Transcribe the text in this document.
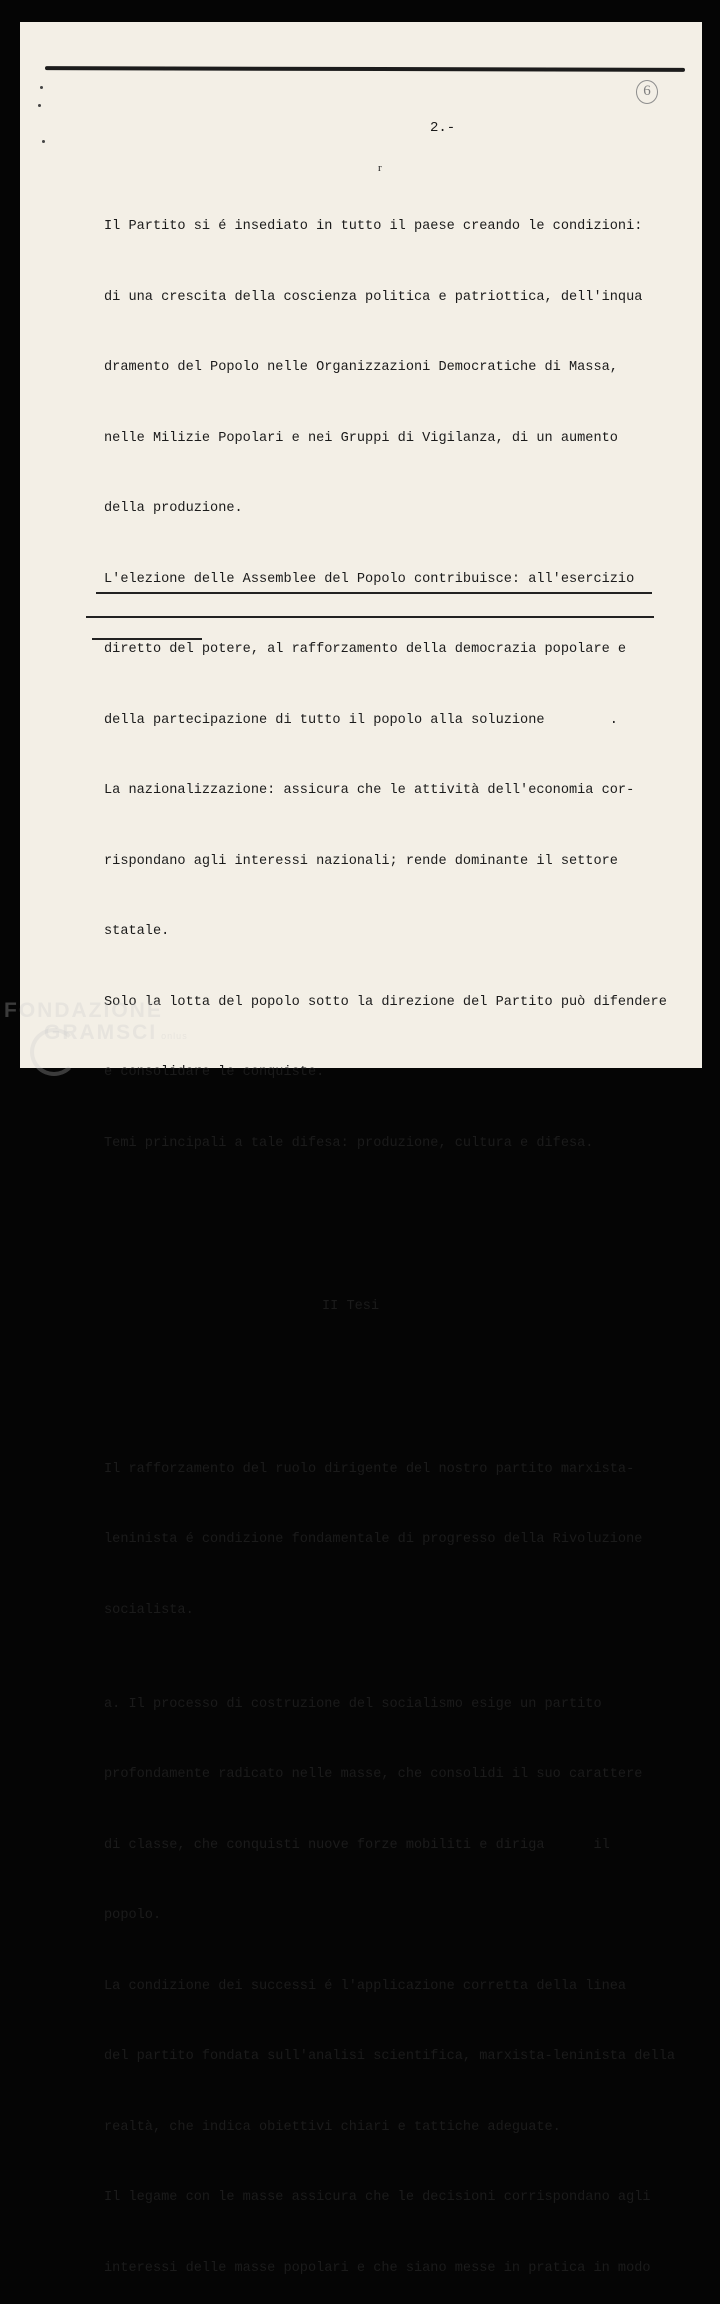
6
2.-
r

Il Partito si é insediato in tutto il paese creando le condizioni:

di una crescita della coscienza politica e patriottica, dell'inqua

dramento del Popolo nelle Organizzazioni Democratiche di Massa,

nelle Milizie Popolari e nei Gruppi di Vigilanza, di un aumento

della produzione.

L'elezione delle Assemblee del Popolo contribuisce: all'esercizio

diretto del potere, al rafforzamento della democrazia popolare e

della partecipazione di tutto il popolo alla soluzione        .

La nazionalizzazione: assicura che le attività dell'economia cor-

rispondano agli interessi nazionali; rende dominante il settore

statale.

Solo la lotta del popolo sotto la direzione del Partito può difendere

e consolidare le conquiste.

Temi principali a tale difesa: produzione, cultura e difesa.

II Tesi

Il rafforzamento del ruolo dirigente del nostro partito marxista-

leninista é condizione fondamentale di progresso della Rivoluzione

socialista.

a. Il processo di costruzione del socialismo esige un partito

profondamente radicato nelle masse, che consolidi il suo carattere

di classe, che conquisti nuove forze mobiliti e diriga      il

popolo.

La condizione dei successi é l'applicazione corretta della linea

del partito fondata sull'analisi scientifica, marxista-leninista della

realtà, che indica obiettivi chiari e tattiche adeguate.

Il legame con le masse assicura che le decisioni corrispondano agli

interessi delle masse popolari e che siano messe in pratica in modo

FONDAZIONE
GRAMSCI onlus
